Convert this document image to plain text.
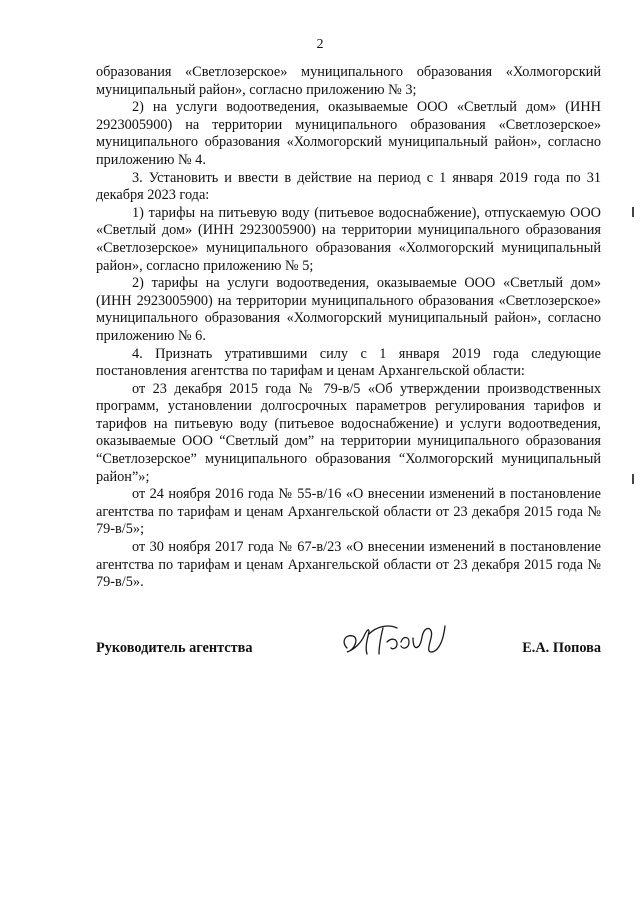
2

образования «Светлозерское» муниципального образования «Холмогорский муниципальный район», согласно приложению № 3;

2) на услуги водоотведения, оказываемые ООО «Светлый дом» (ИНН 2923005900) на территории муниципального образования «Светлозерское» муниципального образования «Холмогорский муниципальный район», согласно приложению № 4.

3. Установить и ввести в действие на период с 1 января 2019 года по 31 декабря 2023 года:

1) тарифы на питьевую воду (питьевое водоснабжение), отпускаемую ООО «Светлый дом» (ИНН 2923005900) на территории муниципального образования «Светлозерское» муниципального образования «Холмогорский муниципальный район», согласно приложению № 5;

2) тарифы на услуги водоотведения, оказываемые ООО «Светлый дом» (ИНН 2923005900) на территории муниципального образования «Светлозерское» муниципального образования «Холмогорский муниципальный район», согласно приложению № 6.

4. Признать утратившими силу с 1 января 2019 года следующие постановления агентства по тарифам и ценам Архангельской области:

от 23 декабря 2015 года № 79-в/5 «Об утверждении производственных программ, установлении долгосрочных параметров регулирования тарифов и тарифов на питьевую воду (питьевое водоснабжение) и услуги водоотведения, оказываемые ООО “Светлый дом” на территории муниципального образования “Светлозерское” муниципального образования “Холмогорский муниципальный район”»;

от 24 ноября 2016 года № 55-в/16 «О внесении изменений в постановление агентства по тарифам и ценам Архангельской области от 23 декабря 2015 года № 79-в/5»;

от 30 ноября 2017 года № 67-в/23 «О внесении изменений в постановление агентства по тарифам и ценам Архангельской области от 23 декабря 2015 года № 79-в/5».

Руководитель агентства	Е.А. Попова
